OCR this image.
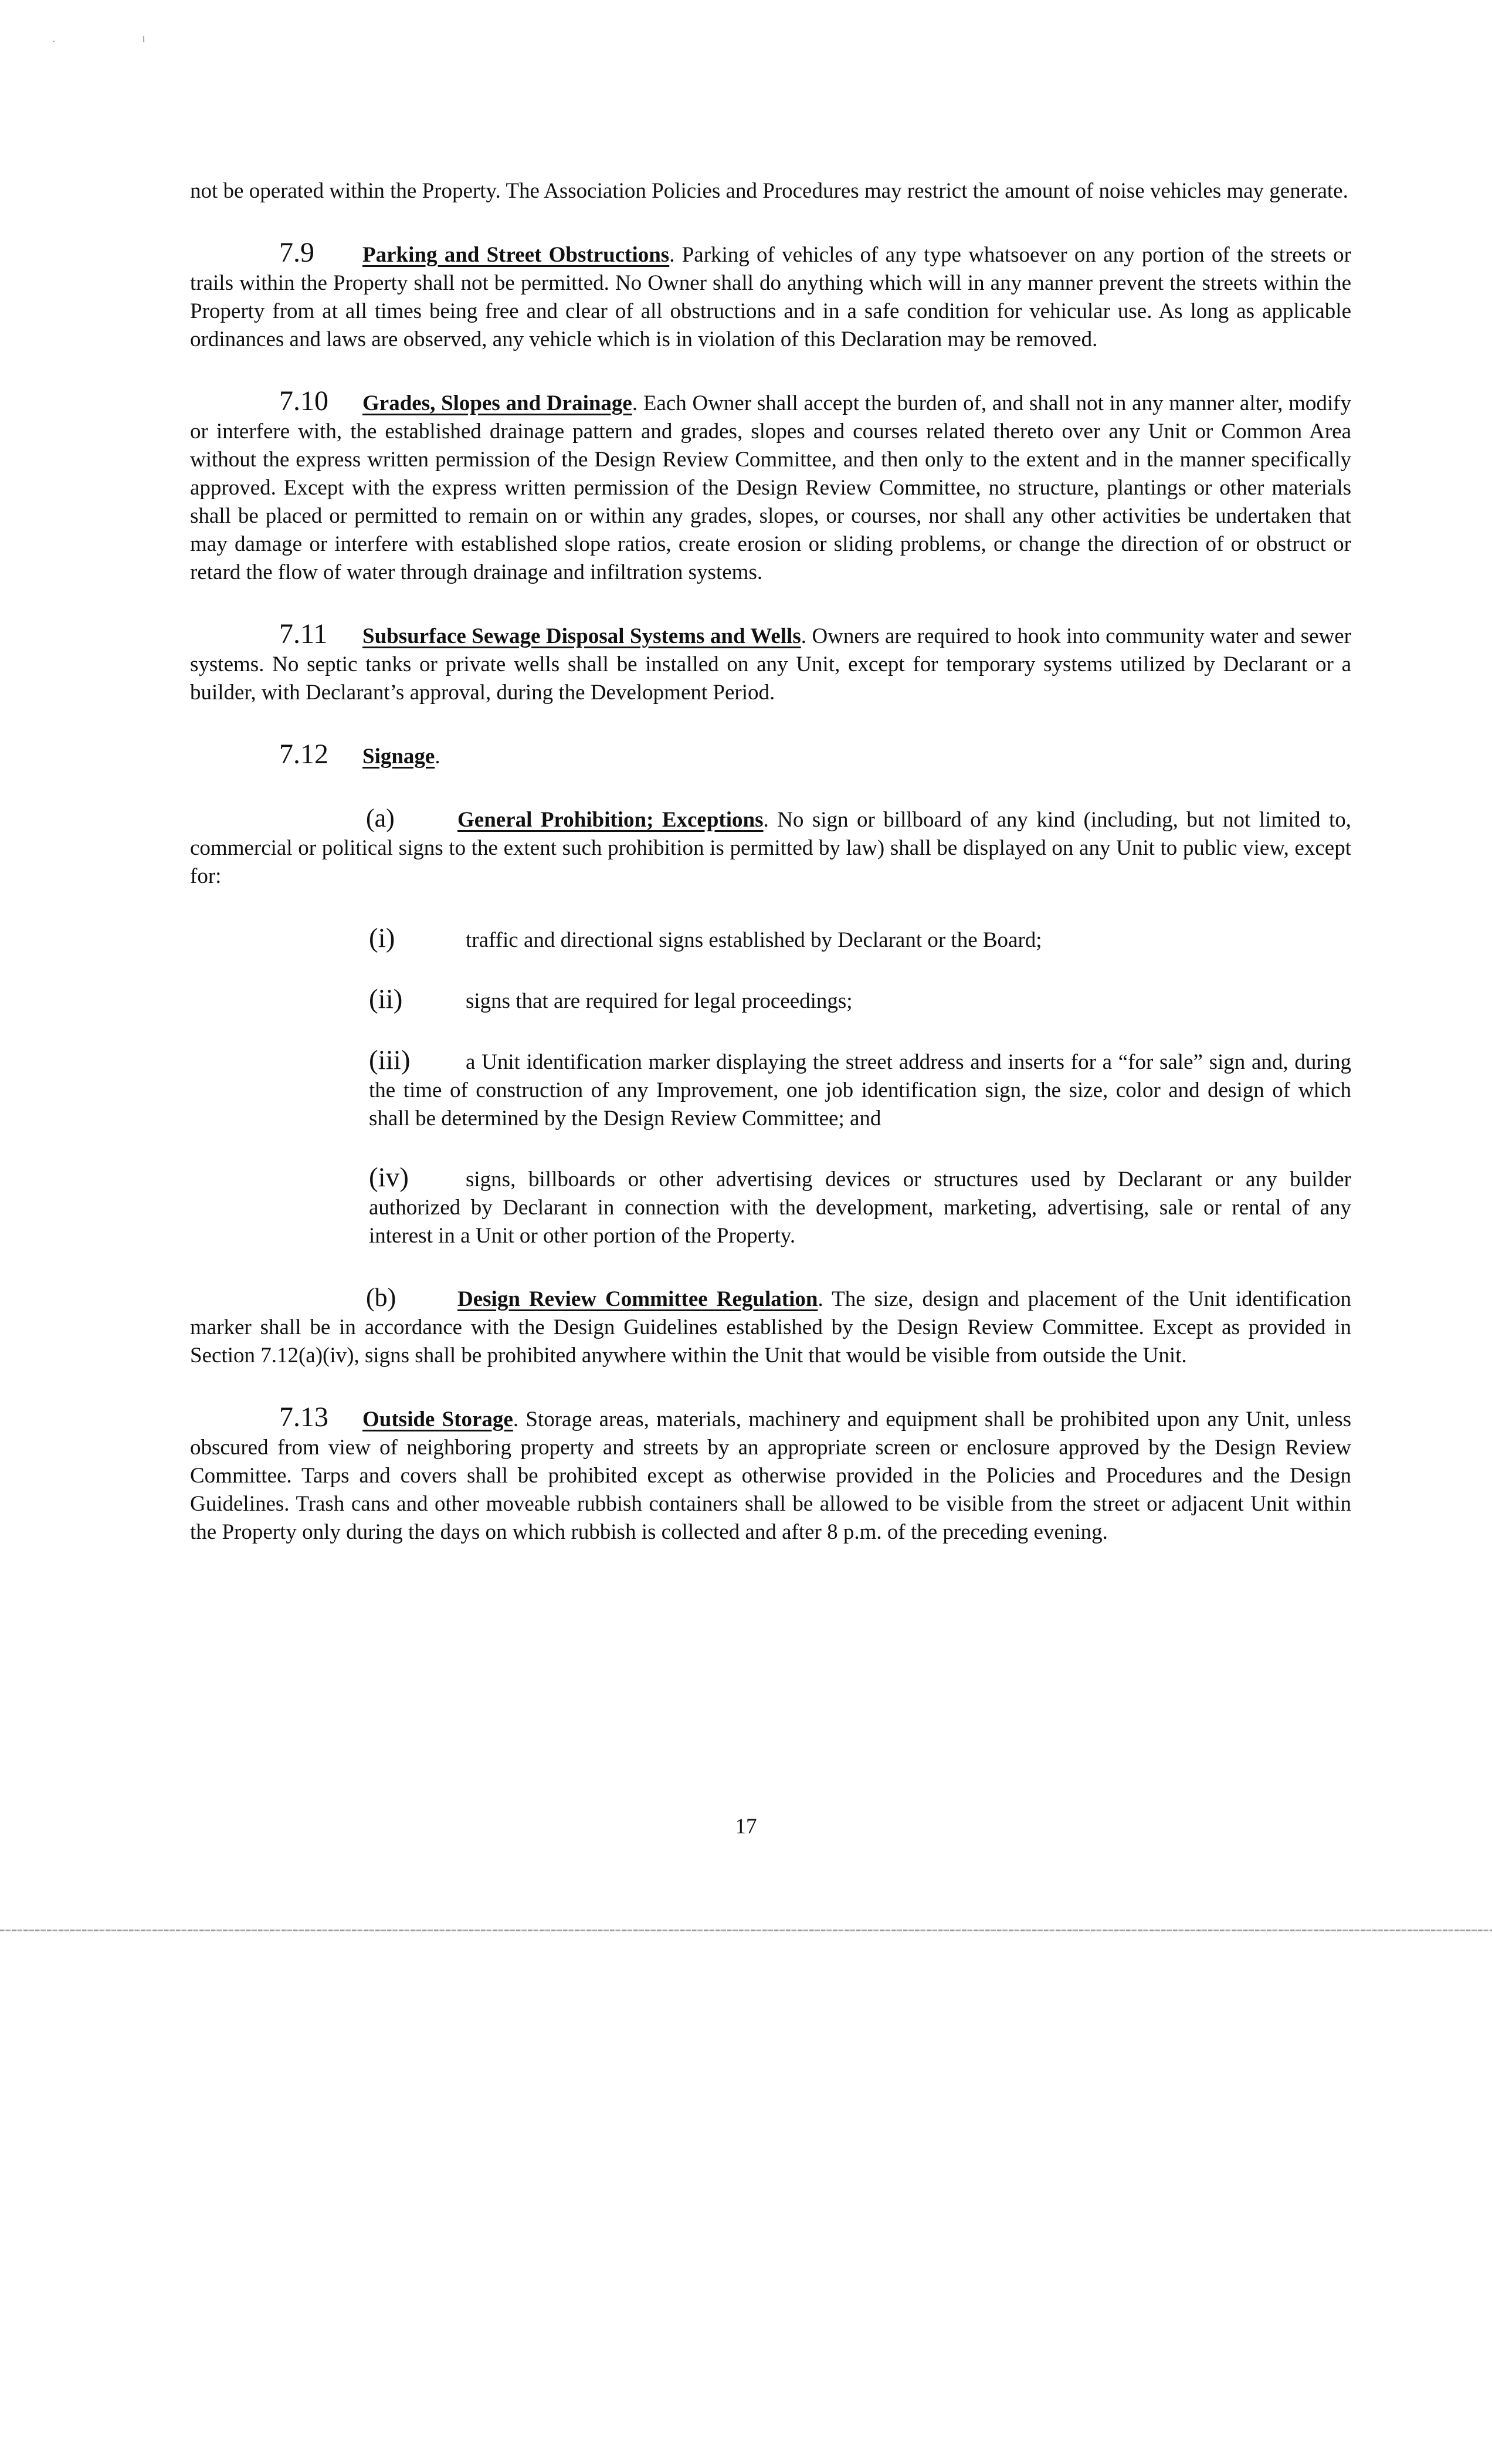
·	ı

not be operated within the Property. The Association Policies and Procedures may restrict the amount of noise vehicles may generate.

7.9 Parking and Street Obstructions. Parking of vehicles of any type whatsoever on any portion of the streets or trails within the Property shall not be permitted. No Owner shall do anything which will in any manner prevent the streets within the Property from at all times being free and clear of all obstructions and in a safe condition for vehicular use. As long as applicable ordinances and laws are observed, any vehicle which is in violation of this Declaration may be removed.

7.10 Grades, Slopes and Drainage. Each Owner shall accept the burden of, and shall not in any manner alter, modify or interfere with, the established drainage pattern and grades, slopes and courses related thereto over any Unit or Common Area without the express written permission of the Design Review Committee, and then only to the extent and in the manner specifically approved. Except with the express written permission of the Design Review Committee, no structure, plantings or other materials shall be placed or permitted to remain on or within any grades, slopes, or courses, nor shall any other activities be undertaken that may damage or interfere with established slope ratios, create erosion or sliding problems, or change the direction of or obstruct or retard the flow of water through drainage and infiltration systems.

7.11 Subsurface Sewage Disposal Systems and Wells. Owners are required to hook into community water and sewer systems. No septic tanks or private wells shall be installed on any Unit, except for temporary systems utilized by Declarant or a builder, with Declarant’s approval, during the Development Period.

7.12 Signage.

(a)	General Prohibition; Exceptions. No sign or billboard of any kind (including, but not limited to, commercial or political signs to the extent such prohibition is permitted by law) shall be displayed on any Unit to public view, except for:

(i)	traffic and directional signs established by Declarant or the Board;
(ii)	signs that are required for legal proceedings;

(iii)	a Unit identification marker displaying the street address and inserts for a “for sale” sign and, during the time of construction of any Improvement, one job identification sign, the size, color and design of which shall be determined by the Design Review Committee; and

(iv)	signs, billboards or other advertising devices or structures used by Declarant or any builder authorized by Declarant in connection with the development, marketing, advertising, sale or rental of any interest in a Unit or other portion of the Property.

(b)	Design Review Committee Regulation. The size, design and placement of the Unit identification marker shall be in accordance with the Design Guidelines established by the Design Review Committee. Except as provided in Section 7.12(a)(iv), signs shall be prohibited anywhere within the Unit that would be visible from outside the Unit.

7.13 Outside Storage. Storage areas, materials, machinery and equipment shall be prohibited upon any Unit, unless obscured from view of neighboring property and streets by an appropriate screen or enclosure approved by the Design Review Committee. Tarps and covers shall be prohibited except as otherwise provided in the Policies and Procedures and the Design Guidelines. Trash cans and other moveable rubbish containers shall be allowed to be visible from the street or adjacent Unit within the Property only during the days on which rubbish is collected and after 8 p.m. of the preceding evening.

17
